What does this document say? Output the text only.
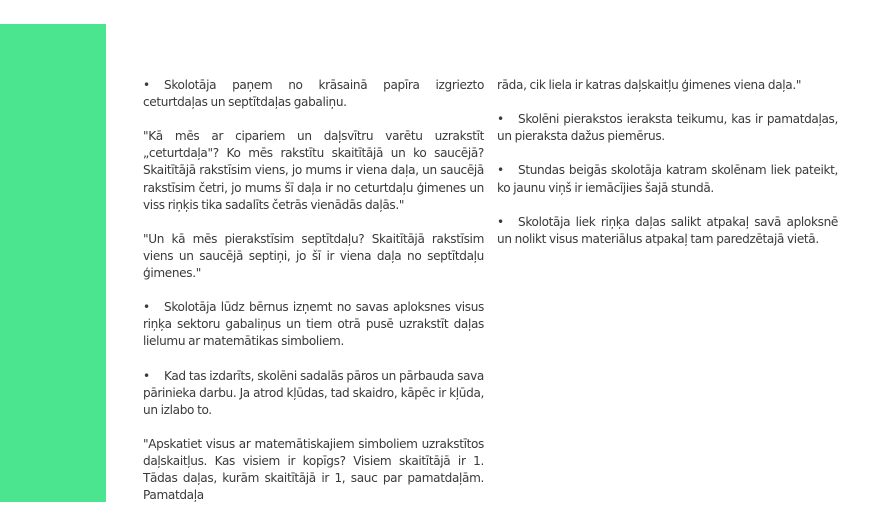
•Skolotāja paņem no krāsainā papīra izgriezto ceturtdaļas un septītdaļas gabaliņu.

"Kā mēs ar cipariem un daļsvītru varētu uzrakstīt „ceturtdaļa"? Ko mēs rakstītu skaitītājā un ko saucējā? Skaitītājā rakstīsim viens, jo mums ir viena daļa, un saucējā rakstīsim četri, jo mums šī daļa ir no ceturtdaļu ģimenes un viss riņķis tika sadalīts četrās vienādās daļās."

"Un kā mēs pierakstīsim septītdaļu? Skaitītājā rakstīsim viens un saucējā septiņi, jo šī ir viena daļa no septītdaļu ģimenes."

•Skolotāja lūdz bērnus izņemt no savas aploksnes visus riņķa sektoru gabaliņus un tiem otrā pusē uzrakstīt daļas lielumu ar matemātikas simboliem.

•Kad tas izdarīts, skolēni sadalās pāros un pārbauda sava pārinieka darbu. Ja atrod kļūdas, tad skaidro, kāpēc ir kļūda, un izlabo to.

"Apskatiet visus ar matemātiskajiem simboliem uzrakstītos daļskaitļus. Kas visiem ir kopīgs? Visiem skaitītājā ir 1. Tādas daļas, kurām skaitītājā ir 1, sauc par pamatdaļām. Pamatdaļa

rāda, cik liela ir katras daļskaitļu ģimenes viena daļa."

•Skolēni pierakstos ieraksta teikumu, kas ir pamatdaļas, un pieraksta dažus piemērus.

•Stundas beigās skolotāja katram skolēnam liek pateikt, ko jaunu viņš ir iemācījies šajā stundā.

•Skolotāja liek riņķa daļas salikt atpakaļ savā aploksnē un nolikt visus materiālus atpakaļ tam paredzētajā vietā.
